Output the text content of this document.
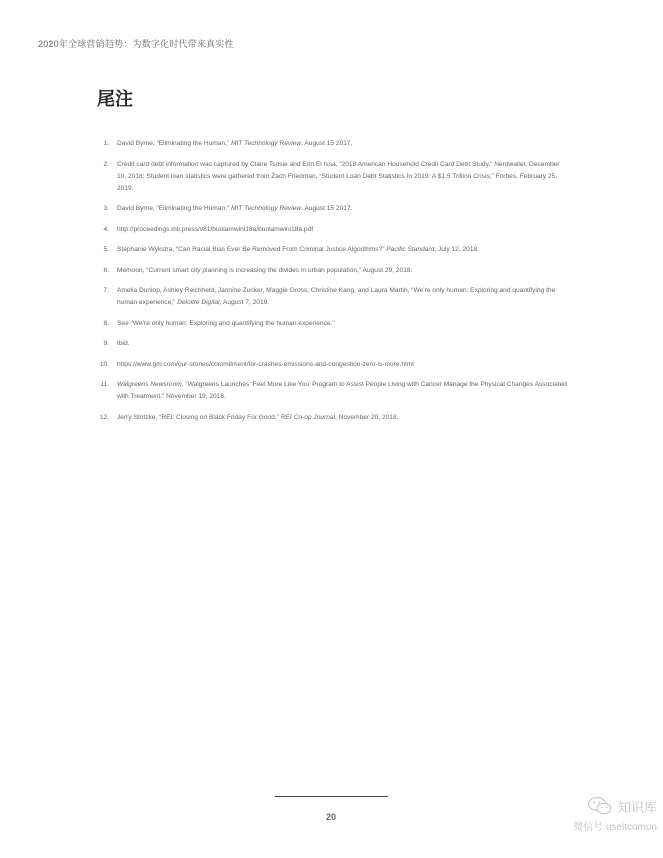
2020年全球营销趋势：为数字化时代带来真实性
尾注
1. David Byrne, “Eliminating the Human,” MIT Technology Review, August 15 2017.
2. Credit card debt information was captured by Claire Tsosie and Erin El Issa, “2018 American Household Credit Card Debt Study,” Nerdwallet, December 10, 2018; Student loan statistics were gathered from Zach Friedman, “Student Loan Debt Statistics In 2019: A $1.5 Trillion Crisis,” Forbes, February 25, 2019.
3. David Byrne, “Eliminating the Human,” MIT Technology Review, August 15 2017.
4. http://proceedings.mlr.press/v81/buolamwini18a/buolamwini18a.pdf
5. Stephanie Wykstra, “Can Racial Bias Ever Be Removed From Criminal Justice Algorithms?” Pacific Standard, July 12, 2018.
6. Memoon, “Current smart city planning is increasing the divides in urban population,” August 29, 2018.
7. Amelia Dunlop, Ashley Reichheld, Jannine Zucker, Maggie Gross, Christine Kang, and Laura Martin, “We’re only human: Exploring and quantifying the human experience,” Deloitte Digital, August 7, 2019.
8. See “We’re only human: Exploring and quantifying the human experience.”
9. Ibid.
10. https://www.gm.com/our-stories/commitment/for-crashes-emissions-and-congestion-zero-is-more.html
11. Walgreens Newsroom, “Walgreens Launches ‘Feel More Like You’ Program to Assist People Living with Cancer Manage the Physical Changes Associated with Treatment,” November 19, 2018.
12. Jerry Stritzke, “REI: Closing on Black Friday For Good,” REI Co-op Journal, November 20, 2018.
20
知识库
微信号 useitcomun
